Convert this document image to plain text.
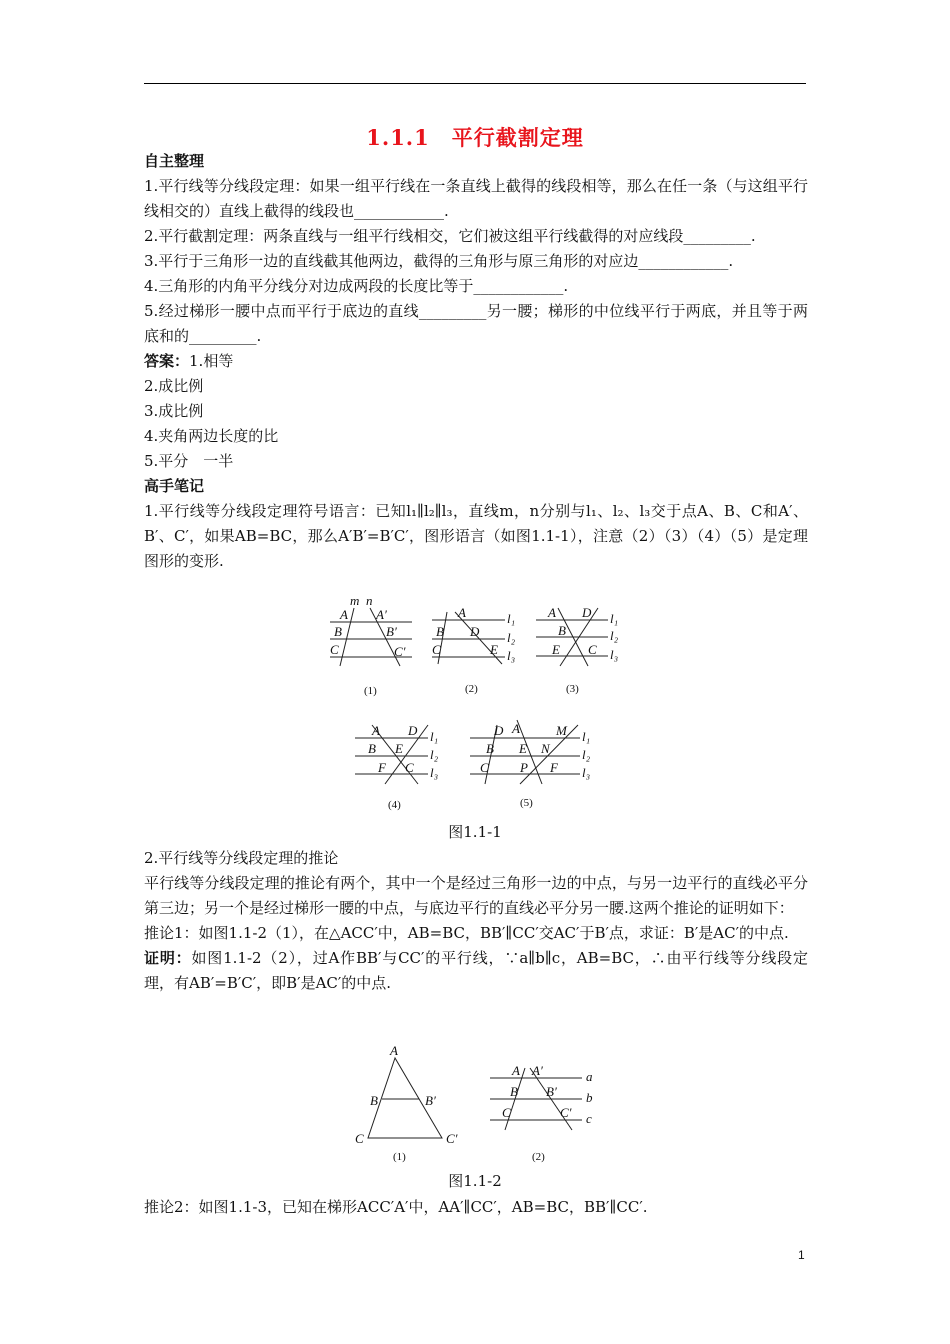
1.1.1　平行截割定理

自主整理

1.平行线等分线段定理：如果一组平行线在一条直线上截得的线段相等，那么在任一条（与这组平行线相交的）直线上截得的线段也____________.

2.平行截割定理：两条直线与一组平行线相交，它们被这组平行线截得的对应线段_________.

3.平行于三角形一边的直线截其他两边，截得的三角形与原三角形的对应边____________.

4.三角形的内角平分线分对边成两段的长度比等于____________.

5.经过梯形一腰中点而平行于底边的直线_________另一腰；梯形的中位线平行于两底，并且等于两底和的_________.

答案：1.相等

2.成比例

3.成比例

4.夹角两边长度的比

5.平分　一半

高手笔记

1.平行线等分线段定理符号语言：已知l₁∥l₂∥l₃，直线m，n分别与l₁、l₂、l₃交于点A、B、C和A′、B′、C′，如果AB=BC，那么A′B′=B′C′，图形语言（如图1.1-1），注意（2）（3）（4）（5）是定理图形的变形.

m n
A A′
B	B′
C	C′
(1)
A
B D
C	E
l₁
l₂
l₃
(2)
A D
B
E C
l₁
l₂
l₃
(3)
A D
B E
F C
l₁
l₂
l₃
(4)
D A	M
B E N
C P F
l₁
l₂
l₃
(5)
图1.1-1

2.平行线等分线段定理的推论

平行线等分线段定理的推论有两个，其中一个是经过三角形一边的中点，与另一边平行的直线必平分第三边；另一个是经过梯形一腰的中点，与底边平行的直线必平分另一腰.这两个推论的证明如下：

推论1：如图1.1-2（1），在△ACC′中，AB=BC，BB′∥CC′交AC′于B′点，求证：B′是AC′的中点.

证明：如图1.1-2（2），过A作BB′与CC′的平行线，∵a∥b∥c，AB=BC，∴由平行线等分线段定理，有AB′=B′C′，即B′是AC′的中点.

A
B	B′
C	C′
(1)
A A′
B B′
C	C′
a
b
c
(2)
图1.1-2
推论2：如图1.1-3，已知在梯形ACC′A′中，AA′∥CC′，AB=BC，BB′∥CC′.
1
